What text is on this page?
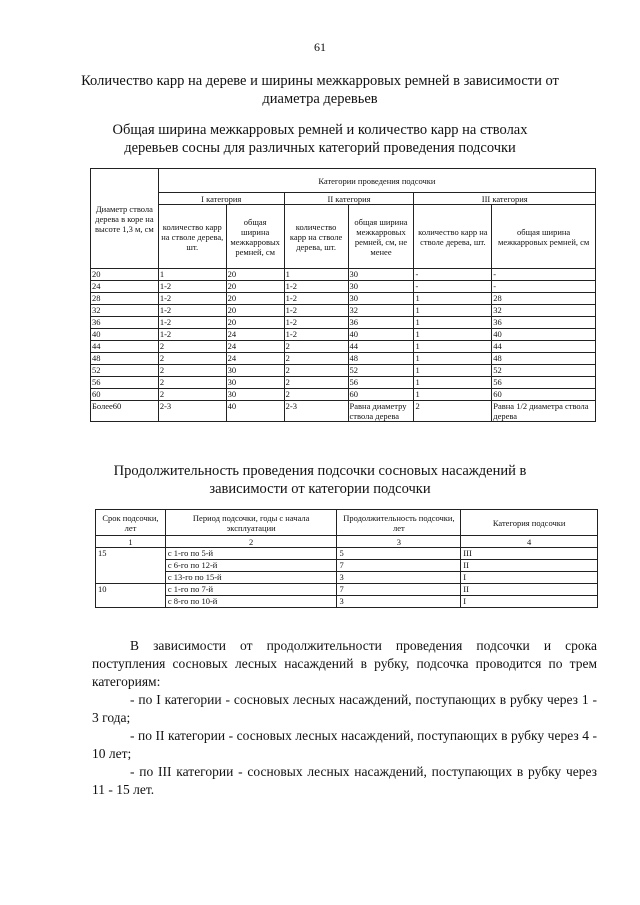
61
Количество карр на дереве и ширины межкарровых ремней в зависимости от диаметра деревьев
Общая ширина межкарровых ремней и количество карр на стволах деревьев сосны для различных категорий проведения подсочки
Диаметр ствола дерева в коре на высоте 1,3 м, см	Категории проведения подсочки					
	I категория		II категория		III категория	
	количество карр на стволе дерева, шт.	общая ширина межкарровых ремней, см	количество карр на стволе дерева, шт.	общая ширина межкарровых ремней, см, не менее	количество карр на стволе дерева, шт.	общая ширина межкарровых ремней, см
20	1	20	1	30	-	-
24	1-2	20	1-2	30	-	-
28	1-2	20	1-2	30	1	28
32	1-2	20	1-2	32	1	32
36	1-2	20	1-2	36	1	36
40	1-2	24	1-2	40	1	40
44	2	24	2	44	1	44
48	2	24	2	48	1	48
52	2	30	2	52	1	52
56	2	30	2	56	1	56
60	2	30	2	60	1	60
Более60	2-3	40	2-3	Равна диаметру ствола дерева	2	Равна 1/2 диаметра ствола дерева
Продолжительность проведения подсочки сосновых насаждений в зависимости от категории подсочки
Срок подсочки, лет	Период подсочки, годы с начала эксплуатации	Продолжительность подсочки, лет	Категория подсочки
1	2	3	4
15	с 1-го по 5-й	5	III
	с 6-го по 12-й	7	II
	с 13-го по 15-й	3	I
10	с 1-го по 7-й	7	II
	с 8-го по 10-й	3	I

В зависимости от продолжительности проведения подсочки и срока поступления сосновых лесных насаждений в рубку, подсочка проводится по трем категориям:

- по I категории - сосновых лесных насаждений, поступающих в рубку через 1 - 3 года;

- по II категории - сосновых лесных насаждений, поступающих в рубку через 4 - 10 лет;

- по III категории - сосновых лесных насаждений, поступающих в рубку через 11 - 15 лет.
